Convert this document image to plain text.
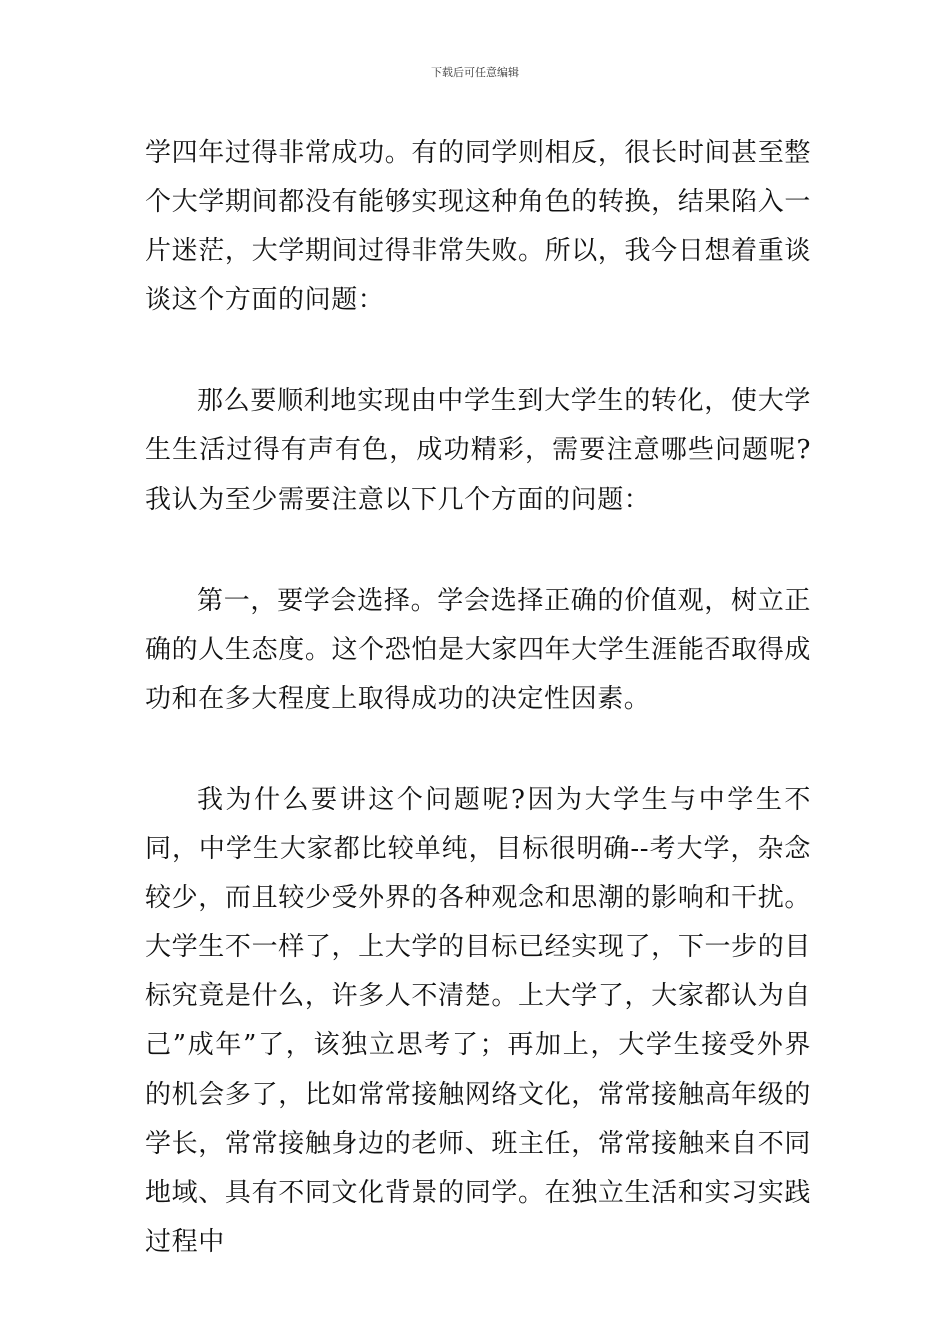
下载后可任意编辑

学四年过得非常成功。有的同学则相反，很长时间甚至整个大学期间都没有能够实现这种角色的转换，结果陷入一片迷茫，大学期间过得非常失败。所以，我今日想着重谈谈这个方面的问题：

那么要顺利地实现由中学生到大学生的转化，使大学生生活过得有声有色，成功精彩，需要注意哪些问题呢?我认为至少需要注意以下几个方面的问题：

第一，要学会选择。学会选择正确的价值观，树立正确的人生态度。这个恐怕是大家四年大学生涯能否取得成功和在多大程度上取得成功的决定性因素。

我为什么要讲这个问题呢?因为大学生与中学生不同，中学生大家都比较单纯，目标很明确--考大学，杂念较少，而且较少受外界的各种观念和思潮的影响和干扰。大学生不一样了，上大学的目标已经实现了，下一步的目标究竟是什么，许多人不清楚。上大学了，大家都认为自己”成年”了，该独立思考了；再加上，大学生接受外界的机会多了，比如常常接触网络文化，常常接触高年级的学长，常常接触身边的老师、班主任，常常接触来自不同地域、具有不同文化背景的同学。在独立生活和实习实践过程中
